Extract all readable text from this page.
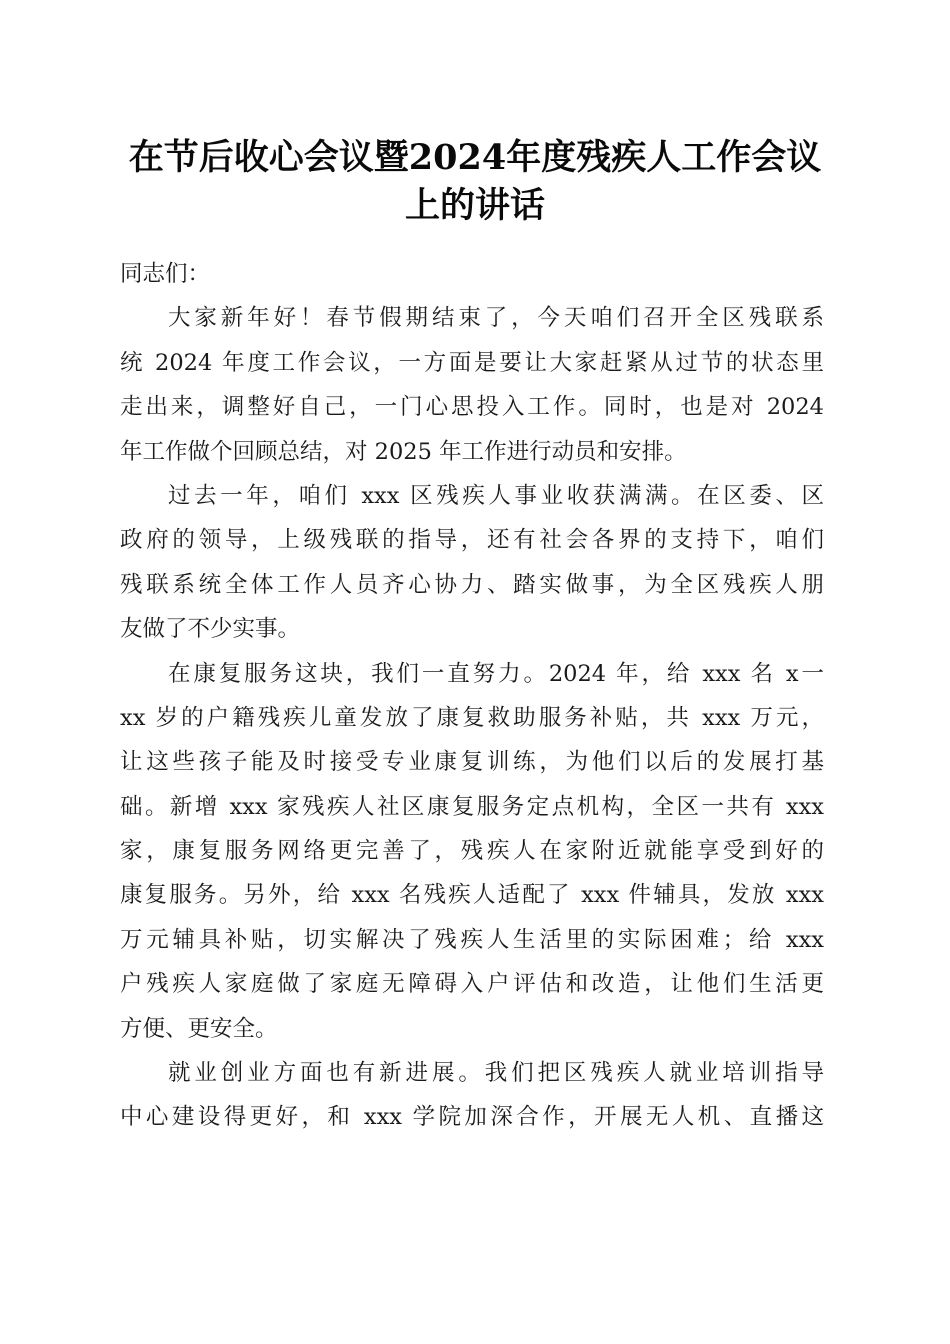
在节后收心会议暨2024年度残疾人工作会议
上的讲话
同志们：
大家新年好！春节假期结束了，今天咱们召开全区残联系
统 2024 年度工作会议，一方面是要让大家赶紧从过节的状态里
走出来，调整好自己，一门心思投入工作。同时，也是对 2024
年工作做个回顾总结，对 2025 年工作进行动员和安排。
过去一年，咱们 xxx 区残疾人事业收获满满。在区委、区
政府的领导，上级残联的指导，还有社会各界的支持下，咱们
残联系统全体工作人员齐心协力、踏实做事，为全区残疾人朋
友做了不少实事。
在康复服务这块，我们一直努力。2024 年，给 xxx 名 x一
xx 岁的户籍残疾儿童发放了康复救助服务补贴，共 xxx 万元，
让这些孩子能及时接受专业康复训练，为他们以后的发展打基
础。新增 xxx 家残疾人社区康复服务定点机构，全区一共有 xxx
家，康复服务网络更完善了，残疾人在家附近就能享受到好的
康复服务。另外，给 xxx 名残疾人适配了 xxx 件辅具，发放 xxx
万元辅具补贴，切实解决了残疾人生活里的实际困难；给 xxx
户残疾人家庭做了家庭无障碍入户评估和改造，让他们生活更
方便、更安全。
就业创业方面也有新进展。我们把区残疾人就业培训指导
中心建设得更好，和 xxx 学院加深合作，开展无人机、直播这
